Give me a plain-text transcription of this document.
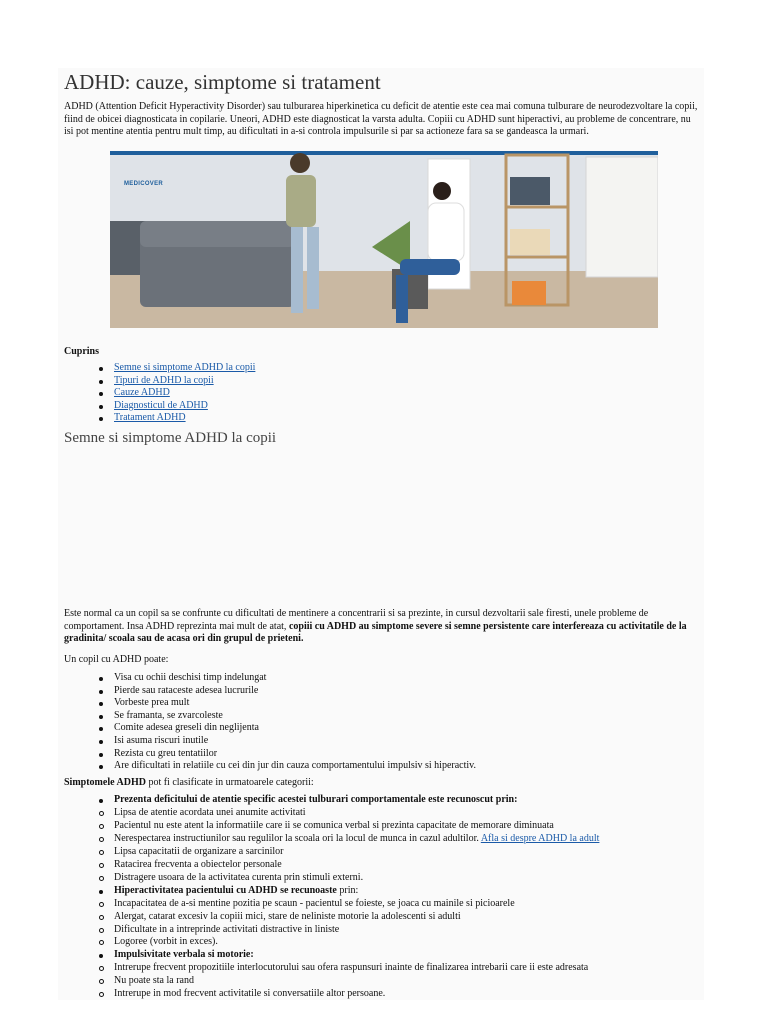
ADHD: cauze, simptome si tratament

ADHD (Attention Deficit Hyperactivity Disorder) sau tulburarea hiperkinetica cu deficit de atentie este cea mai comuna tulburare de neurodezvoltare la copii, fiind de obicei diagnosticata in copilarie. Uneori, ADHD este diagnosticat la varsta adulta. Copiii cu ADHD sunt hiperactivi, au probleme de concentrare, nu isi pot mentine atentia pentru mult timp, au dificultati in a-si controla impulsurile si par sa actioneze fara sa se gandeasca la urmari.

MEDICOVER

Cuprins

Semne si simptome ADHD la copii
Tipuri de ADHD la copii
Cauze ADHD
Diagnosticul de ADHD
Tratament ADHD
Semne si simptome ADHD la copii

Este normal ca un copil sa se confrunte cu dificultati de mentinere a concentrarii si sa prezinte, in cursul dezvoltarii sale firesti, unele probleme de comportament. Insa ADHD reprezinta mai mult de atat, copiii cu ADHD au simptome severe si semne persistente care interfereaza cu activitatile de la gradinita/ scoala sau de acasa ori din grupul de prieteni.

Un copil cu ADHD poate:

Visa cu ochii deschisi timp indelungat
Pierde sau rataceste adesea lucrurile
Vorbeste prea mult
Se framanta, se zvarcoleste
Comite adesea greseli din neglijenta
Isi asuma riscuri inutile
Rezista cu greu tentatiilor
Are dificultati in relatiile cu cei din jur din cauza comportamentului impulsiv si hiperactiv.

Simptomele ADHD pot fi clasificate in urmatoarele categorii:

Prezenta deficitului de atentie specific acestei tulburari comportamentale este recunoscut prin:
Lipsa de atentie acordata unei anumite activitati
Pacientul nu este atent la informatiile care ii se comunica verbal si prezinta capacitate de memorare diminuata
Nerespectarea instructiunilor sau regulilor la scoala ori la locul de munca in cazul adultilor. Afla si despre ADHD la adult
Lipsa capacitatii de organizare a sarcinilor
Ratacirea frecventa a obiectelor personale
Distragere usoara de la activitatea curenta prin stimuli externi.
Hiperactivitatea pacientului cu ADHD se recunoaste prin:
Incapacitatea de a-si mentine pozitia pe scaun - pacientul se foieste, se joaca cu mainile si picioarele
Alergat, catarat excesiv la copiii mici, stare de neliniste motorie la adolescenti si adulti
Dificultate in a intreprinde activitati distractive in liniste
Logoree (vorbit in exces).
Impulsivitate verbala si motorie:
Intrerupe frecvent propozitiile interlocutorului sau ofera raspunsuri inainte de finalizarea intrebarii care ii este adresata
Nu poate sta la rand
Intrerupe in mod frecvent activitatile si conversatiile altor persoane.
